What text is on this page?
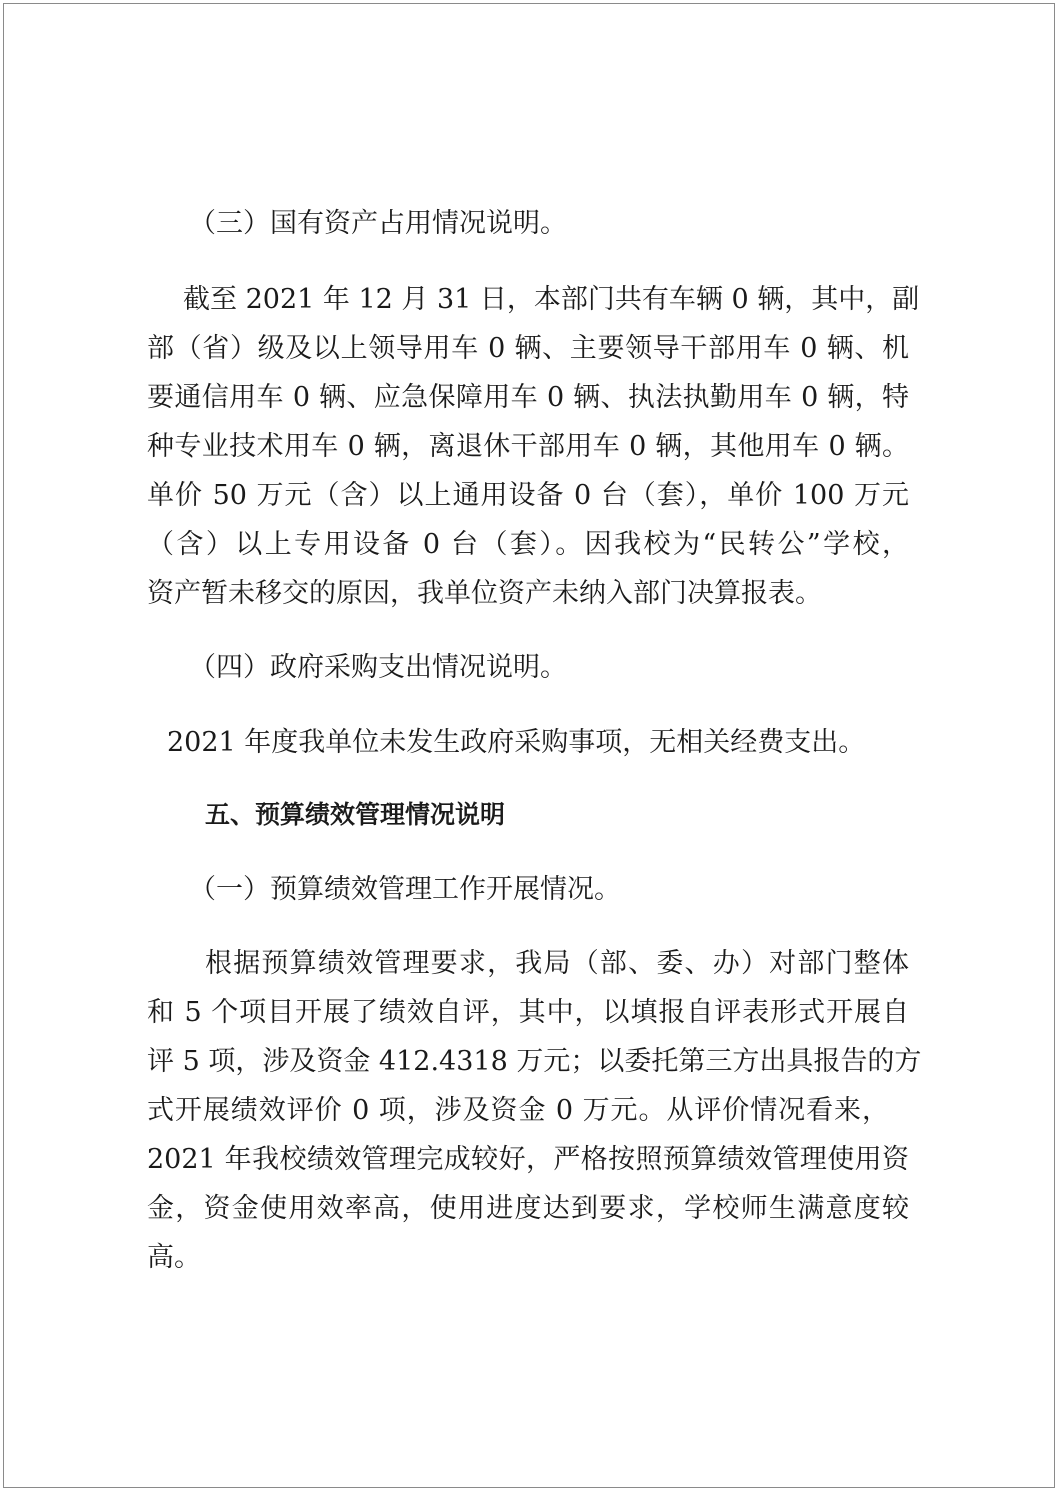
（三）国有资产占用情况说明。
截至 2021 年 12 月 31 日，本部门共有车辆 0 辆，其中，副
部（省）级及以上领导用车 0 辆、主要领导干部用车 0 辆、机
要通信用车 0 辆、应急保障用车 0 辆、执法执勤用车 0 辆，特
种专业技术用车 0 辆，离退休干部用车 0 辆，其他用车 0 辆。
单价 50 万元（含）以上通用设备 0 台（套），单价 100 万元
（含）以上专用设备 0 台（套）。因我校为“民转公”学校，
资产暂未移交的原因，我单位资产未纳入部门决算报表。
（四）政府采购支出情况说明。
2021 年度我单位未发生政府采购事项，无相关经费支出。
五、预算绩效管理情况说明
（一）预算绩效管理工作开展情况。
根据预算绩效管理要求，我局（部、委、办）对部门整体
和 5 个项目开展了绩效自评，其中，以填报自评表形式开展自
评 5 项，涉及资金 412.4318 万元；以委托第三方出具报告的方
式开展绩效评价 0 项，涉及资金 0 万元。从评价情况看来，
2021 年我校绩效管理完成较好，严格按照预算绩效管理使用资
金，资金使用效率高，使用进度达到要求，学校师生满意度较
高。
